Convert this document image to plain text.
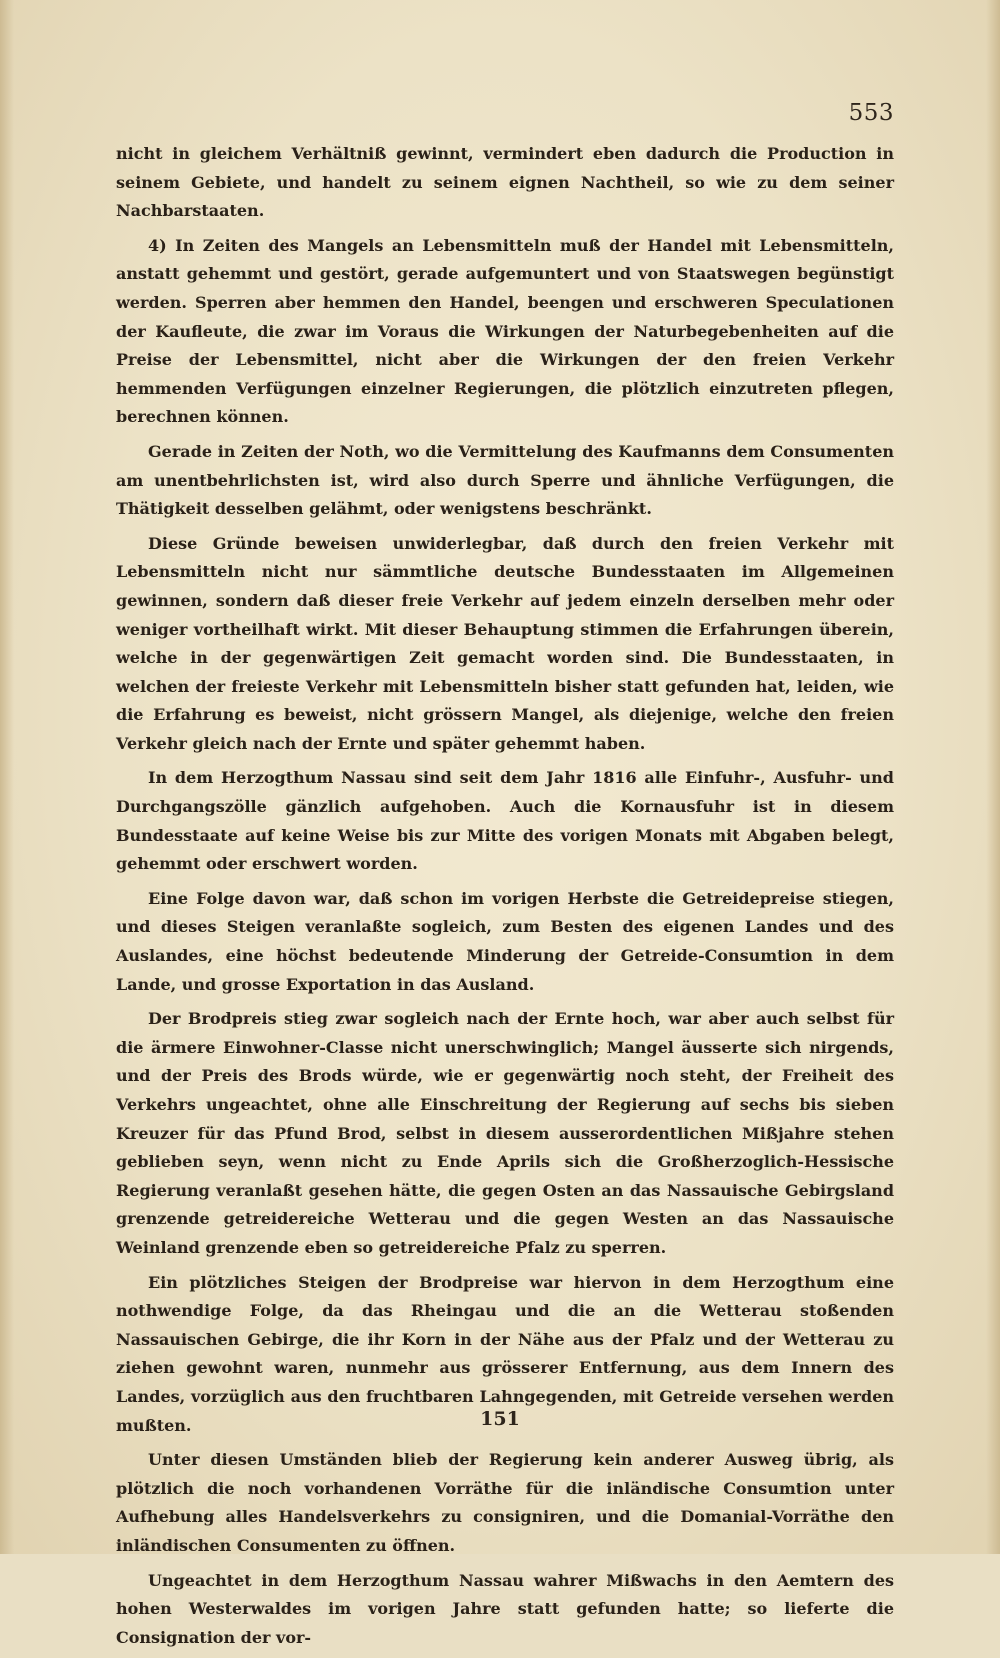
553

nicht in gleichem Verhältniß gewinnt, vermindert eben dadurch die Production in seinem Gebiete, und handelt zu seinem eignen Nachtheil, so wie zu dem seiner Nachbarstaaten.

4) In Zeiten des Mangels an Lebensmitteln muß der Handel mit Lebensmitteln, anstatt gehemmt und gestört, gerade aufgemuntert und von Staatswegen begünstigt werden. Sperren aber hemmen den Handel, beengen und erschweren Speculationen der Kaufleute, die zwar im Voraus die Wirkungen der Naturbegebenheiten auf die Preise der Lebensmittel, nicht aber die Wirkungen der den freien Verkehr hemmenden Verfügungen einzelner Regierungen, die plötzlich einzutreten pflegen, berechnen können.

Gerade in Zeiten der Noth, wo die Vermittelung des Kaufmanns dem Consumenten am unentbehrlichsten ist, wird also durch Sperre und ähnliche Verfügungen, die Thätigkeit desselben gelähmt, oder wenigstens beschränkt.

Diese Gründe beweisen unwiderlegbar, daß durch den freien Verkehr mit Lebensmitteln nicht nur sämmtliche deutsche Bundesstaaten im Allgemeinen gewinnen, sondern daß dieser freie Verkehr auf jedem einzeln derselben mehr oder weniger vortheilhaft wirkt. Mit dieser Behauptung stimmen die Erfahrungen überein, welche in der gegenwärtigen Zeit gemacht worden sind. Die Bundesstaaten, in welchen der freieste Verkehr mit Lebensmitteln bisher statt gefunden hat, leiden, wie die Erfahrung es beweist, nicht grössern Mangel, als diejenige, welche den freien Verkehr gleich nach der Ernte und später gehemmt haben.

In dem Herzogthum Nassau sind seit dem Jahr 1816 alle Einfuhr-, Ausfuhr- und Durchgangszölle gänzlich aufgehoben. Auch die Kornausfuhr ist in diesem Bundesstaate auf keine Weise bis zur Mitte des vorigen Monats mit Abgaben belegt, gehemmt oder erschwert worden.

Eine Folge davon war, daß schon im vorigen Herbste die Getreidepreise stiegen, und dieses Steigen veranlaßte sogleich, zum Besten des eigenen Landes und des Auslandes, eine höchst bedeutende Minderung der Getreide-Consumtion in dem Lande, und grosse Exportation in das Ausland.

Der Brodpreis stieg zwar sogleich nach der Ernte hoch, war aber auch selbst für die ärmere Einwohner-Classe nicht unerschwinglich; Mangel äusserte sich nirgends, und der Preis des Brods würde, wie er gegenwärtig noch steht, der Freiheit des Verkehrs ungeachtet, ohne alle Einschreitung der Regierung auf sechs bis sieben Kreuzer für das Pfund Brod, selbst in diesem ausserordentlichen Mißjahre stehen geblieben seyn, wenn nicht zu Ende Aprils sich die Großherzoglich-Hessische Regierung veranlaßt gesehen hätte, die gegen Osten an das Nassauische Gebirgsland grenzende getreidereiche Wetterau und die gegen Westen an das Nassauische Weinland grenzende eben so getreidereiche Pfalz zu sperren.

Ein plötzliches Steigen der Brodpreise war hiervon in dem Herzogthum eine nothwendige Folge, da das Rheingau und die an die Wetterau stoßenden Nassauischen Gebirge, die ihr Korn in der Nähe aus der Pfalz und der Wetterau zu ziehen gewohnt waren, nunmehr aus grösserer Entfernung, aus dem Innern des Landes, vorzüglich aus den fruchtbaren Lahngegenden, mit Getreide versehen werden mußten.

Unter diesen Umständen blieb der Regierung kein anderer Ausweg übrig, als plötzlich die noch vorhandenen Vorräthe für die inländische Consumtion unter Aufhebung alles Handelsverkehrs zu consigniren, und die Domanial-Vorräthe den inländischen Consumenten zu öffnen.

Ungeachtet in dem Herzogthum Nassau wahrer Mißwachs in den Aemtern des hohen Westerwaldes im vorigen Jahre statt gefunden hatte; so lieferte die Consignation der vor-

151
